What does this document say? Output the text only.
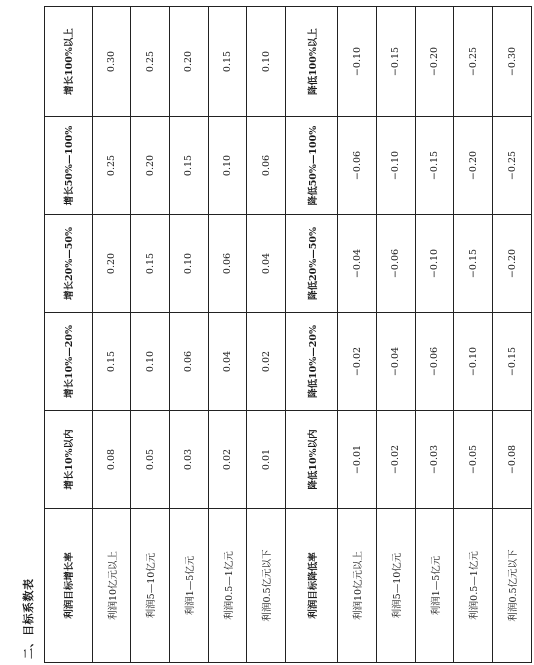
二、目标系数表	利润目标增长率	增长10%以内	增长10%—20%	增长20%—50%	增长50%—100%	增长100%以上
利润10亿元以上	0.08	0.15	0.20	0.25	0.30
利润5—10亿元	0.05	0.10	0.15	0.20	0.25
利润1—5亿元	0.03	0.06	0.10	0.15	0.20
利润0.5—1亿元	0.02	0.04	0.06	0.10	0.15
利润0.5亿元以下	0.01	0.02	0.04	0.06	0.10
利润目标降低率	降低10%以内	降低10%—20%	降低20%—50%	降低50%—100%	降低100%以上
利润10亿元以上	−0.01	−0.02	−0.04	−0.06	−0.10
利润5—10亿元	−0.02	−0.04	−0.06	−0.10	−0.15
利润1—5亿元	−0.03	−0.06	−0.10	−0.15	−0.20
利润0.5—1亿元	−0.05	−0.10	−0.15	−0.20	−0.25
利润0.5亿元以下	−0.08	−0.15	−0.20	−0.25	−0.30
